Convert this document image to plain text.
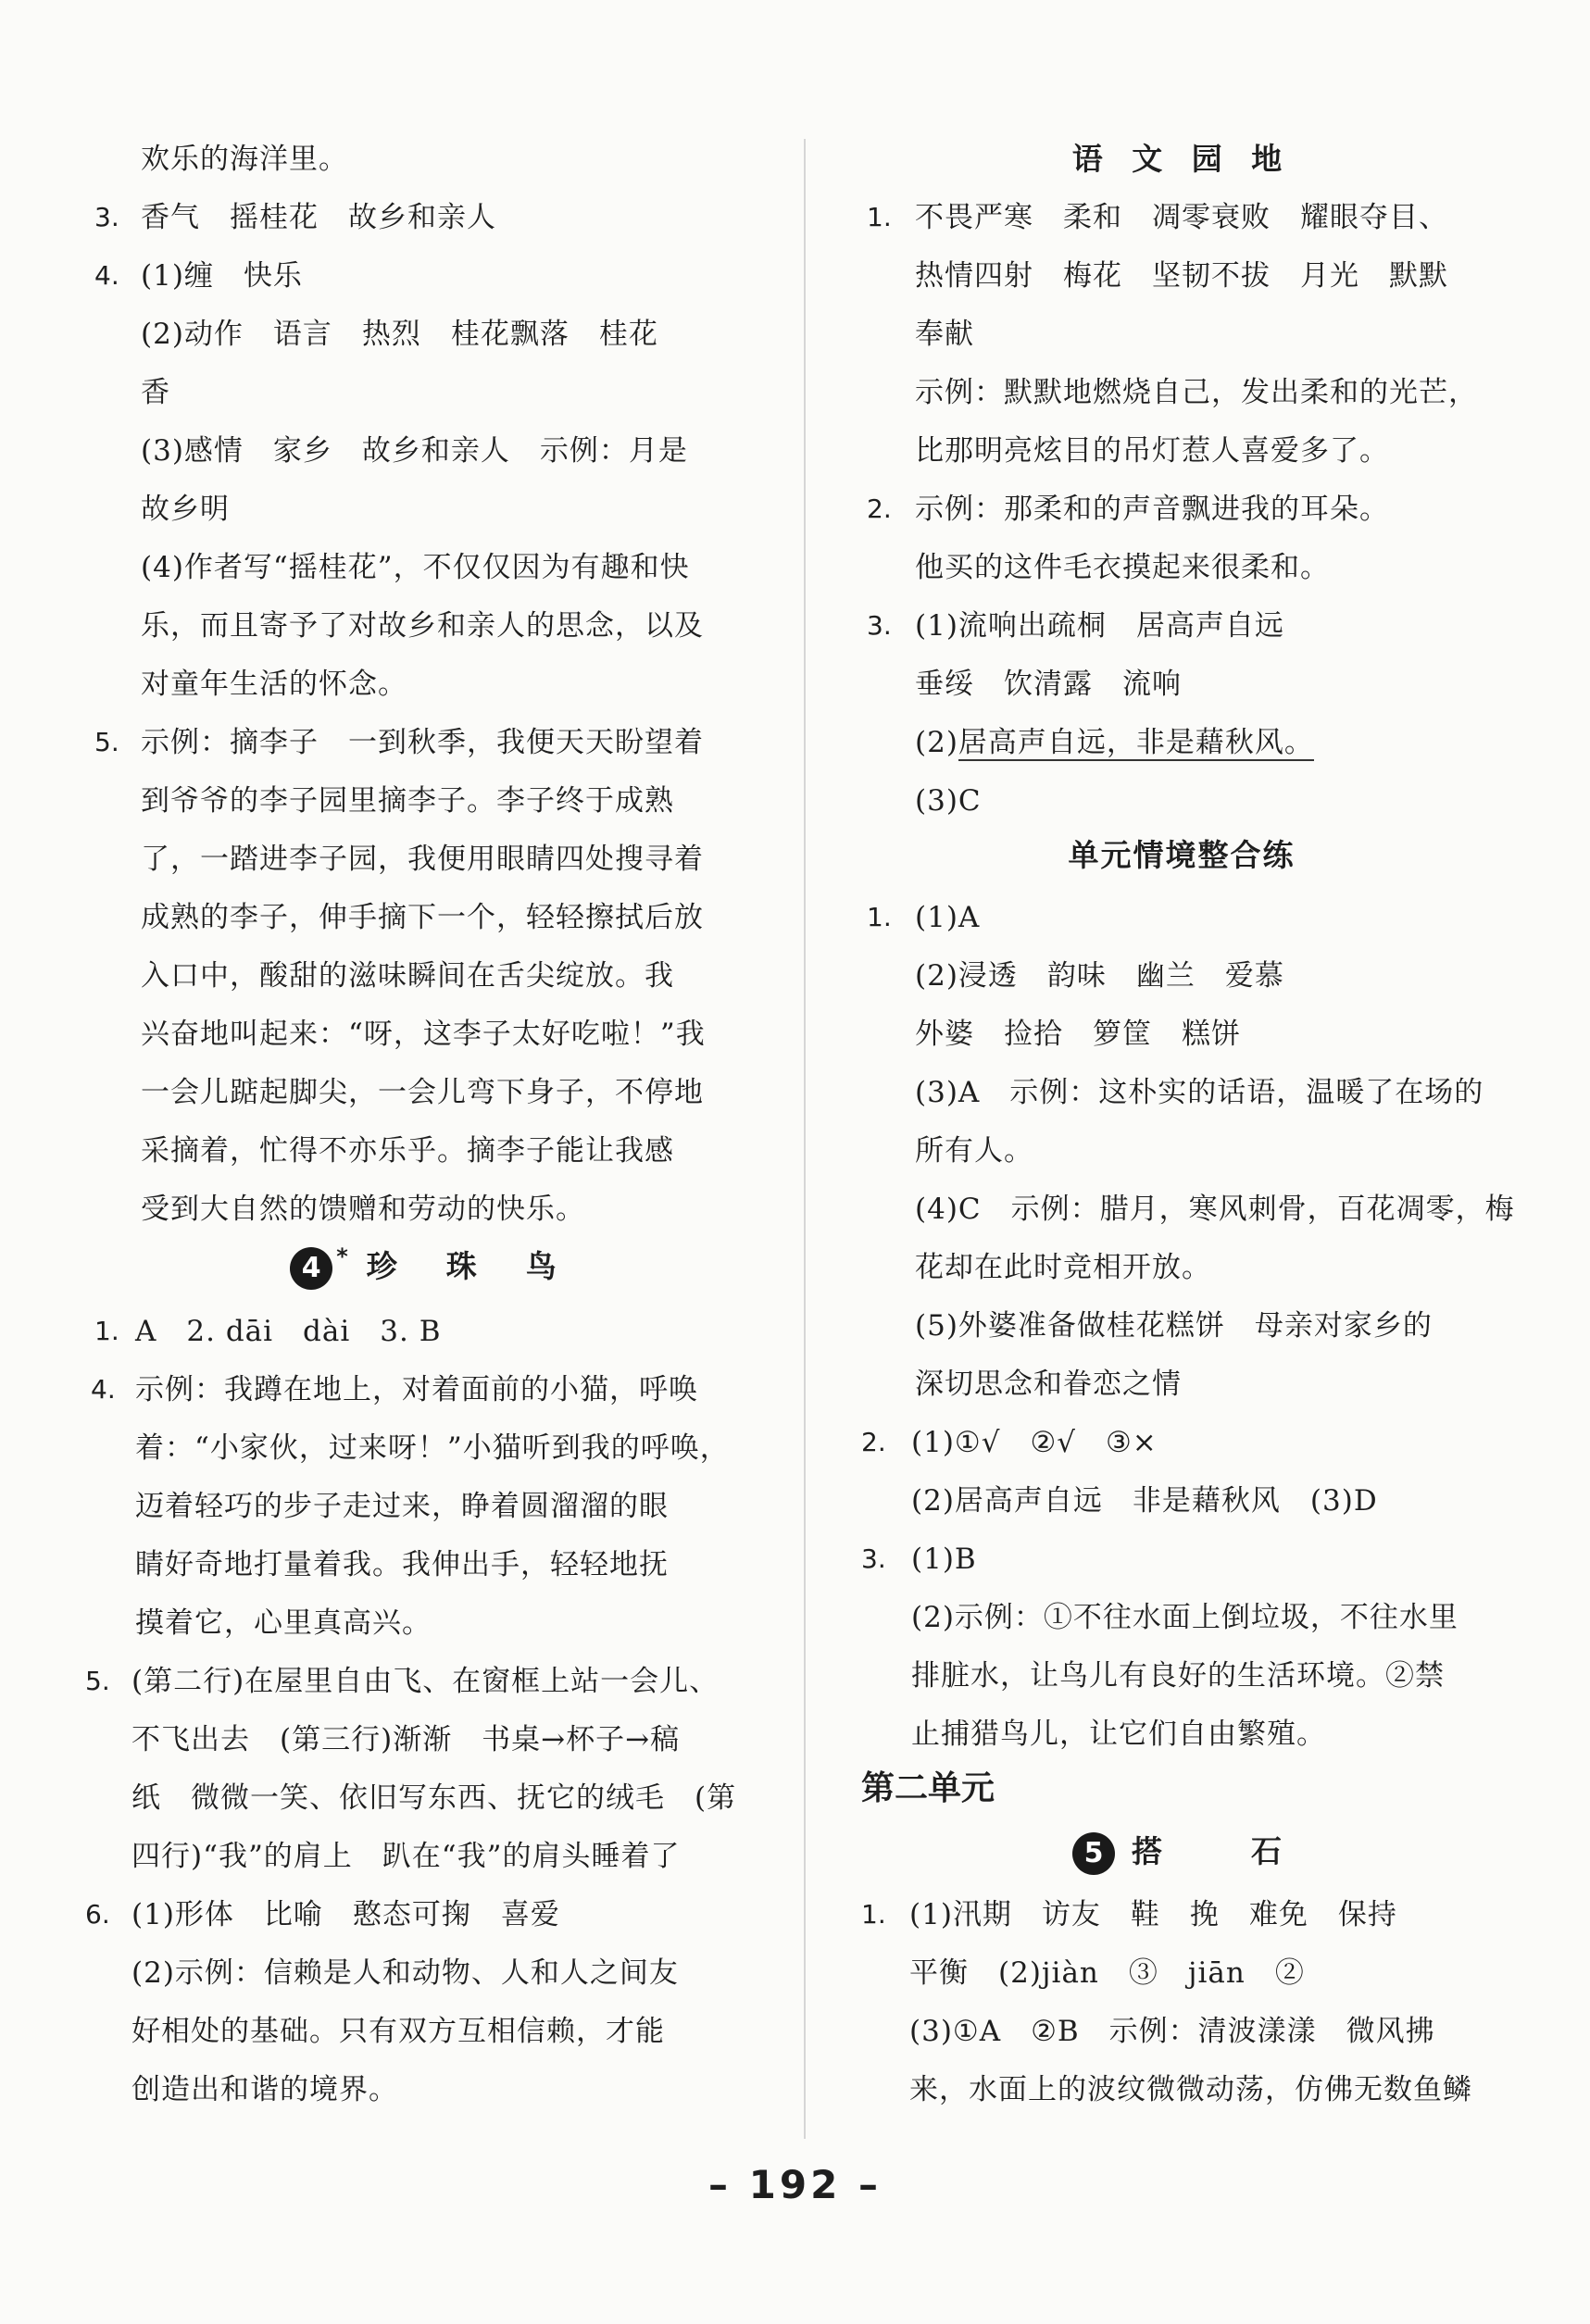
欢乐的海洋里。
3. 香气　摇桂花　故乡和亲人
4. (1)缠　快乐
(2)动作　语言　热烈　桂花飘落　桂花
香
(3)感情　家乡　故乡和亲人　示例：月是
故乡明
(4)作者写“摇桂花”，不仅仅因为有趣和快
乐，而且寄予了对故乡和亲人的思念，以及
对童年生活的怀念。
5. 示例：摘李子　一到秋季，我便天天盼望着
到爷爷的李子园里摘李子。李子终于成熟
了，一踏进李子园，我便用眼睛四处搜寻着
成熟的李子，伸手摘下一个，轻轻擦拭后放
入口中，酸甜的滋味瞬间在舌尖绽放。我
兴奋地叫起来：“呀，这李子太好吃啦！”我
一会儿踮起脚尖，一会儿弯下身子，不停地
采摘着，忙得不亦乐乎。摘李子能让我感
受到大自然的馈赠和劳动的快乐。
4 * 珍　珠　鸟
1. A　2. dāi　dài　3. B
4. 示例：我蹲在地上，对着面前的小猫，呼唤
着：“小家伙，过来呀！”小猫听到我的呼唤，
迈着轻巧的步子走过来，睁着圆溜溜的眼
睛好奇地打量着我。我伸出手，轻轻地抚
摸着它，心里真高兴。
5. (第二行)在屋里自由飞、在窗框上站一会儿、
不飞出去　(第三行)渐渐　书桌→杯子→稿
纸　微微一笑、依旧写东西、抚它的绒毛　(第
四行)“我”的肩上　趴在“我”的肩头睡着了
6. (1)形体　比喻　憨态可掬　喜爱
(2)示例：信赖是人和动物、人和人之间友
好相处的基础。只有双方互相信赖，才能
创造出和谐的境界。
语 文 园 地
1. 不畏严寒　柔和　凋零衰败　耀眼夺目、
热情四射　梅花　坚韧不拔　月光　默默
奉献
示例：默默地燃烧自己，发出柔和的光芒，
比那明亮炫目的吊灯惹人喜爱多了。
2. 示例：那柔和的声音飘进我的耳朵。
他买的这件毛衣摸起来很柔和。
3. (1)流响出疏桐　居高声自远
垂绥　饮清露　流响
(2)居高声自远，非是藉秋风。
(3)C
单元情境整合练
1. (1)A
(2)浸透　韵味　幽兰　爱慕
外婆　捡拾　箩筐　糕饼
(3)A　示例：这朴实的话语，温暖了在场的
所有人。
(4)C　示例：腊月，寒风刺骨，百花凋零，梅
花却在此时竞相开放。
(5)外婆准备做桂花糕饼　母亲对家乡的
深切思念和眷恋之情
2. (1)①√　②√　③×
(2)居高声自远　非是藉秋风　(3)D
3. (1)B
(2)示例：①不往水面上倒垃圾，不往水里
排脏水，让鸟儿有良好的生活环境。②禁
止捕猎鸟儿，让它们自由繁殖。
第二单元
5 搭　　石
1. (1)汛期　访友　鞋　挽　难免　保持
平衡　(2)jiàn　③　jiān　②
(3)①A　②B　示例：清波漾漾　微风拂
来，水面上的波纹微微动荡，仿佛无数鱼鳞
– 192 –
